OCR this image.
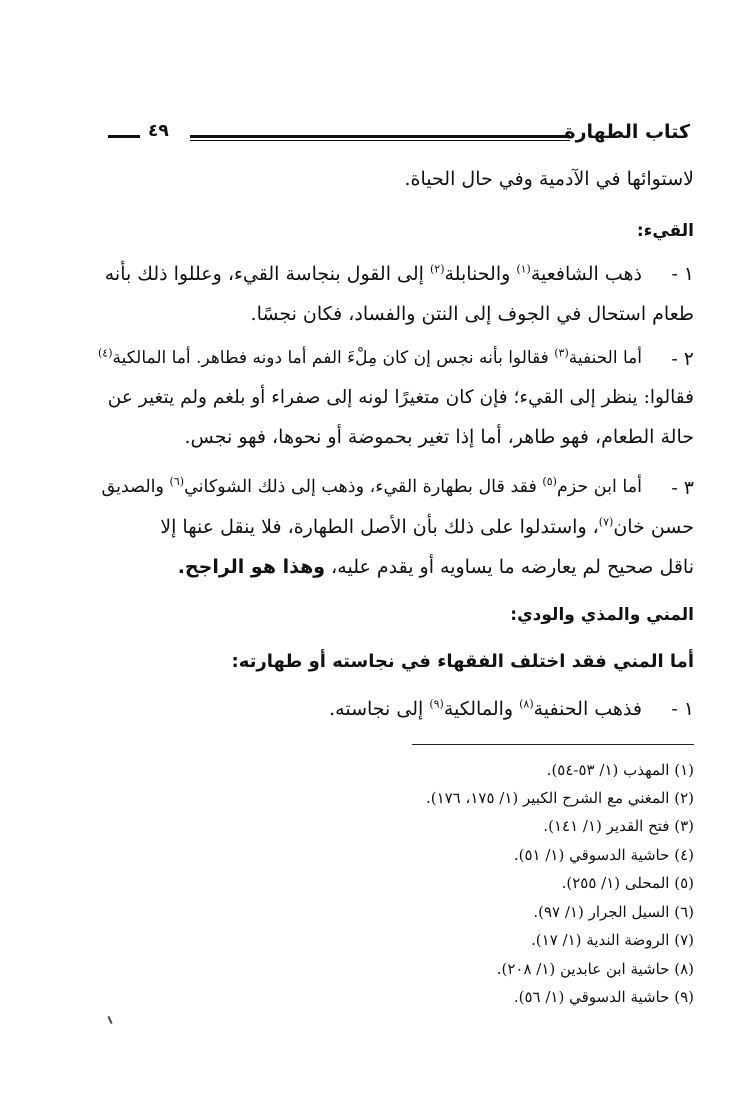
كتاب الطهارة
٤٩
لاستوائها في الآدمية وفي حال الحياة.
القيء:
١ -
ذهب الشافعية$^{(١)}$ والحنابلة$^{(٢)}$ إلى القول بنجاسة القيء، وعللوا ذلك بأنه
طعام استحال في الجوف إلى النتن والفساد، فكان نجسًا.
٢ -
أما الحنفية$^{(٣)}$ فقالوا بأنه نجس إن كان مِلْءَ الفم أما دونه فطاهر. أما المالكية$^{(٤)}$
فقالوا: ينظر إلى القيء؛ فإن كان متغيرًا لونه إلى صفراء أو بلغم ولم يتغير عن
حالة الطعام، فهو طاهر، أما إذا تغير بحموضة أو نحوها، فهو نجس.
٣ -
أما ابن حزم$^{(٥)}$ فقد قال بطهارة القيء، وذهب إلى ذلك الشوكاني$^{(٦)}$ والصديق
حسن خان$^{(٧)}$، واستدلوا على ذلك بأن الأصل الطهارة، فلا ينقل عنها إلا
ناقل صحيح لم يعارضه ما يساويه أو يقدم عليه، وهذا هو الراجح.
المني والمذي والودي:
أما المني فقد اختلف الفقهاء في نجاسته أو طهارته:
١ -
فذهب الحنفية$^{(٨)}$ والمالكية$^{(٩)}$ إلى نجاسته.
(١) المهذب (١/ ٥٣-٥٤).
(٢) المغني مع الشرح الكبير (١/ ١٧٥، ١٧٦).
(٣) فتح القدير (١/ ١٤١).
(٤) حاشية الدسوقي (١/ ٥١).
(٥) المحلى (١/ ٢٥٥).
(٦) السيل الجرار (١/ ٩٧).
(٧) الروضة الندية (١/ ١٧).
(٨) حاشية ابن عابدين (١/ ٢٠٨).
(٩) حاشية الدسوقي (١/ ٥٦).
